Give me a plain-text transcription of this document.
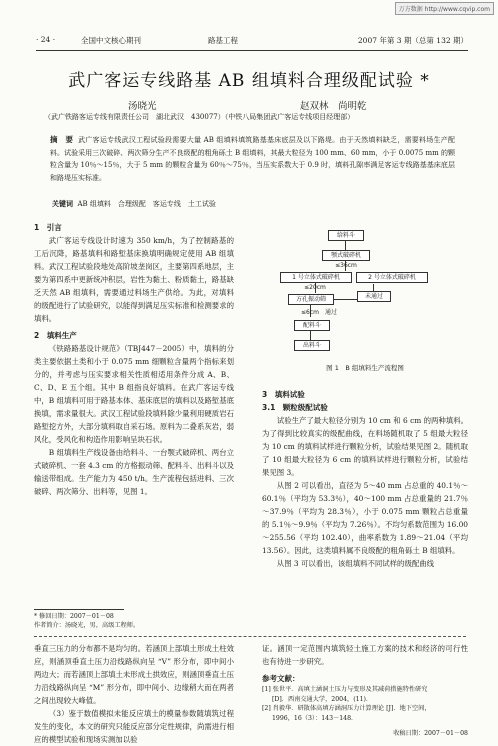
万方数据 http://www.cqvip.com
· 24 ·	全国中文核心期刊	路基工程	2007 年第 3 期（总第 132 期）
武广客运专线路基 AB 组填料合理级配试验 *
汤晓光	赵双林　尚明乾
（武广铁路客运专线有限责任公司　湖北武汉　430077）（中铁八局集团武广客运专线项目经理部）
摘　要 武广客运专线武汉工程试验段需要大量 AB 组填料填筑路基基床底层及以下路堤。由于天然填料缺乏，需要料场生产配料。试验采用三次破碎、两次筛分生产不良级配的粗角砾土 B 组填料，其最大粒径为 100 mm、60 mm，小于 0.0075 mm 的颗粒含量为 10％～15％，大于 5 mm 的颗粒含量为 60％～75％，当压实系数大于 0.9 时，填料孔隙率满足客运专线路基基床底层和路堤压实标准。
关键词 AB 组填料　合理级配　客运专线　土工试验
1　引言

武广客运专线设计时速为 350 km/h，为了控制路基的工后沉降，路基填料和路堑基床换填明确规定使用 AB 组填料。武汉工程试验段地处高阶坡垄岗区，主要第四系地层，主要为第四系中更新统冲积层，岩性为黏土、粉质黏土，路基缺乏天然 AB 组填料，需要通过料场生产供给。为此，对填料的级配进行了试验研究，以能得到满足压实标准和检测要求的填料。

2　填料生产

《铁路路基设计规范》（TBJ447－2005）中，填料的分类主要依据土类和小于 0.075 mm 细颗粒含量两个指标来划分的，并考虑与压实要求相关性质相适用条件分成 A、B、C、D、E 五个组。其中 B 组指良好填料。在武广客运专线中，B 组填料可用于路基本体、基床底层的填料以及路堑基底换填，需求量很大。武汉工程试验段填料除少量利用硬质岩石路堑挖方外，大部分填料取自采石场。原料为二叠系灰岩，弱风化，受风化和构造作用影响呈块石状。

B 组填料生产线设备由给料斗、一台颚式破碎机、两台立式破碎机、一套 4.3 cm 的方格振动筛、配料斗、出料斗以及输送带组成。生产能力为 450 t/h。生产流程包括进料、三次破碎、两次筛分、出料等，见图 1。

* 修回日期：2007－01－08
作者简介：汤晓光，男，高级工程师。

垂直三压力的分布都不是均匀的。若涵顶上部填土形成土柱效应，则涵顶垂直土压力沿线路纵向呈 “V” 形分布，即中间小两边大；而若涵顶上部填土未形成土拱效应，则涵顶垂直土压力沿线路纵向呈 “M” 形分布，即中间小、边缘稍大而在两者之间出现较大峰值。

（3）鉴于数值模拟未能反应填土的模量参数随填筑过程发生的变化，本文的研究只能反应部分定性规律，尚需进行相应的模型试验和现场实测加以验

给料斗
颚式破碎机
≤36cm
1 号立体式破碎机	2 号立体式破碎机
≤20cm
方孔振动筛	未通过
≤6cm　通过
配料斗
出料斗
图 1　B 组填料生产流程图
3　填料试验
3.1　颗粒级配试验

试验生产了最大粒径分别为 10 cm 和 6 cm 的两种填料。为了得到比较真实的级配曲线，在料场随机取了 5 组最大粒径为 10 cm 的填料试样进行颗粒分析，试验结果见图 2。随机取了 10 组最大粒径为 6 cm 的填料试样进行颗粒分析，试验结果见图 3。

从图 2 可以看出，直径为 5～40 mm 占总重的 40.1％～60.1％（平均为 53.3％），40～100 mm 占总重量的 21.7％～37.9％（平均为 28.3％），小于 0.075 mm 颗粒占总重量的 5.1％～9.9％（平均为 7.26％）。不均匀系数范围为 16.00～255.56（平均 102.40），曲率系数为 1.89～21.04（平均 13.56）。因此，这类填料属不良级配的粗角砾土 B 组填料。

从图 3 可以看出，该组填料不同试样的级配曲线

证。涵顶一定范围内填筑轻土施工方案的技术和经济的可行性也有待进一步研究。

参考文献：
[1] 张世平．高填土涵洞土压力与变形及其减荷措施特性研究
[D]．西南交通大学，2004，(11)．
[2] 肖毅华．研散体高填方涵洞压力计算理论 [J]．地下空间，
1996，16（3）：143－148．
收稿日期：2007－01－08
